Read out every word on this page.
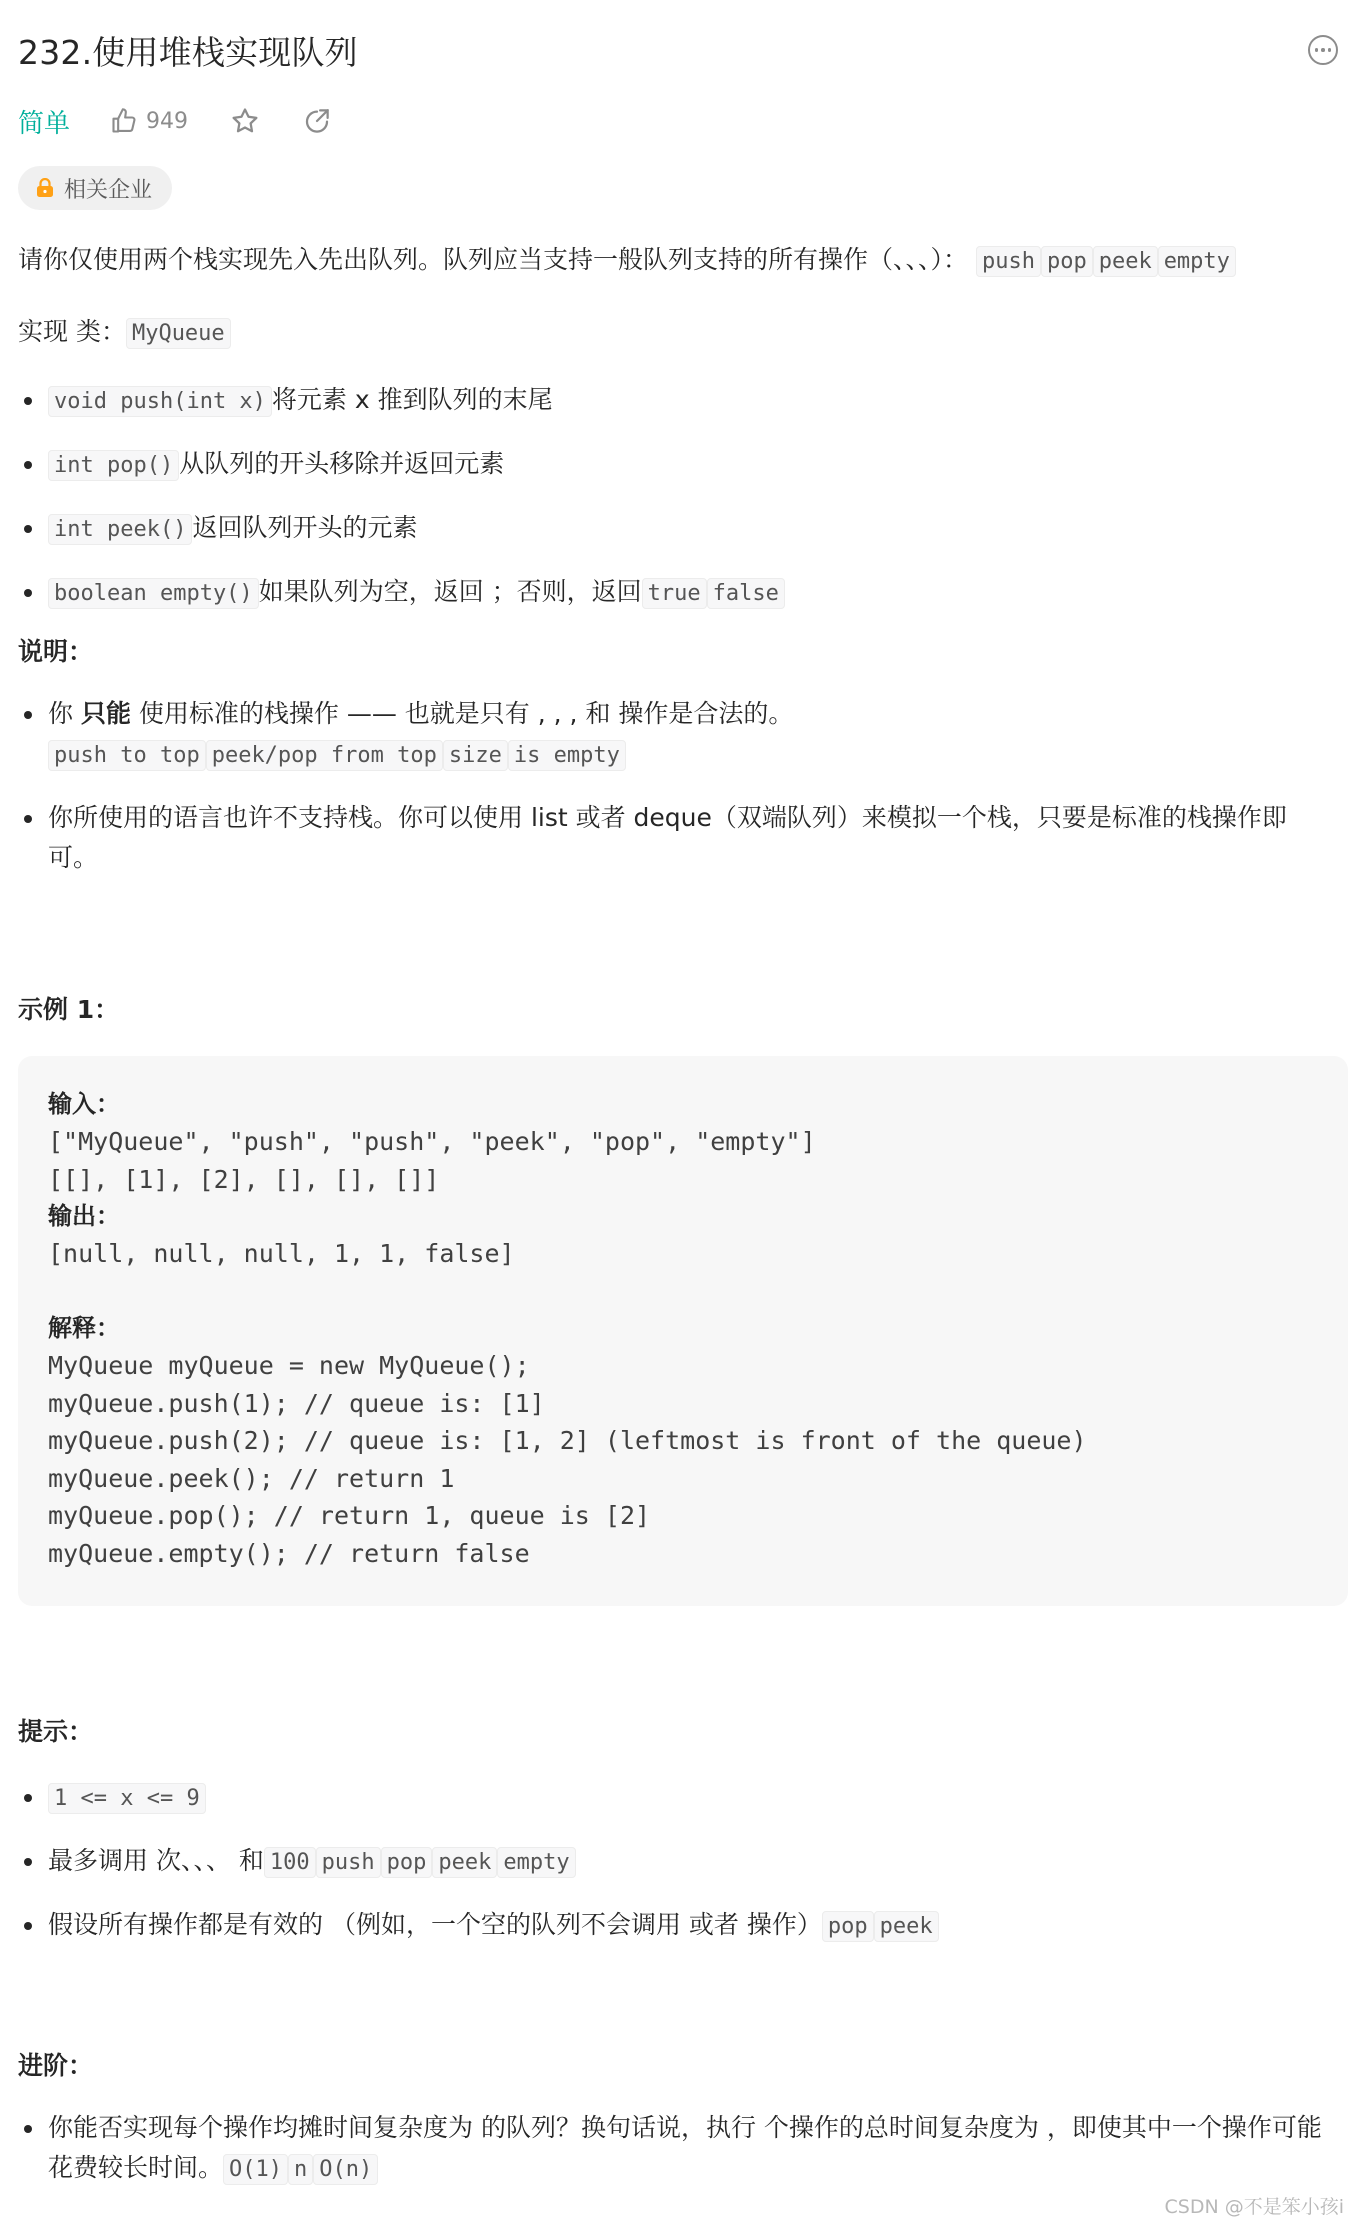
232.使用堆栈实现队列
简单	949
相关企业

请你仅使用两个栈实现先入先出队列。队列应当支持一般队列支持的所有操作（、、、）： push pop peek empty

实现 类： MyQueue

void push(int x) 将元素 x 推到队列的末尾
int pop() 从队列的开头移除并返回元素
int peek() 返回队列开头的元素
boolean empty() 如果队列为空，返回 ；否则，返回 true false
说明：
你 只能 使用标准的栈操作 —— 也就是只有 , , , 和 操作是合法的。push to top peek/pop from top size is empty
你所使用的语言也许不支持栈。你可以使用 list 或者 deque（双端队列）来模拟一个栈，只要是标准的栈操作即可。
示例 1：
输入：
["MyQueue", "push", "push", "peek", "pop", "empty"]
[[], [1], [2], [], [], []]
输出：
[null, null, null, 1, 1, false]

解释：
MyQueue myQueue = new MyQueue();
myQueue.push(1); // queue is: [1]
myQueue.push(2); // queue is: [1, 2] (leftmost is front of the queue)
myQueue.peek(); // return 1
myQueue.pop(); // return 1, queue is [2]
myQueue.empty(); // return false
提示：
1 <= x <= 9
最多调用 次、、、 和 100 push pop peek empty
假设所有操作都是有效的 （例如，一个空的队列不会调用 或者 操作） pop peek
进阶：
你能否实现每个操作均摊时间复杂度为 的队列？换句话说，执行 个操作的总时间复杂度为 ，即使其中一个操作可能花费较长时间。 O(1) n O(n)
CSDN @不是笨小孩i
